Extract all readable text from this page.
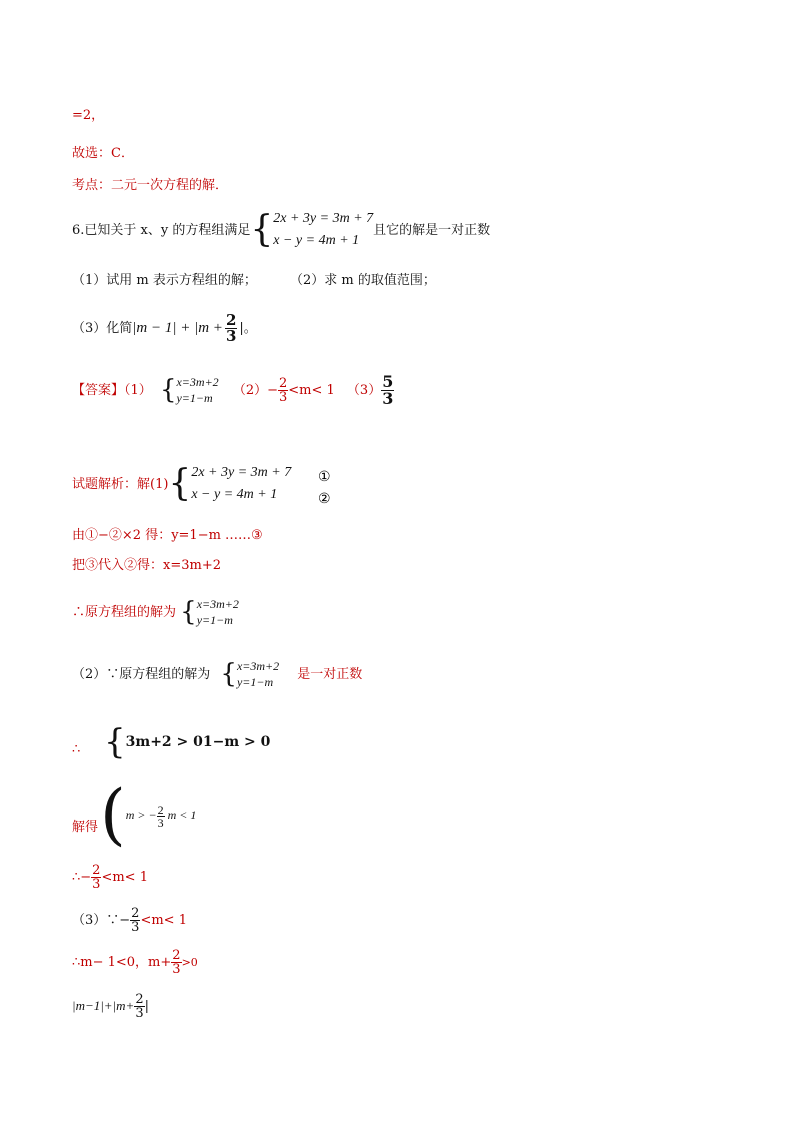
=2，
故选：C．
考点：二元一次方程的解．
6.已知关于 x、y 的方程组满足{ 2x + 3y = 3m + 7
x − y = 4m + 1
且它的解是一对正数
（1）试用 m 表示方程组的解；	（2）求 m 的取值范围；
（3）化简$|m - 1| + |m + \frac{2}{3}$ |。
【答案】（1） { x=3m+2
y=1−m
$(2)- \frac{2}{3} <m< 1$ $(3) \frac{5}{3}$
试题解析：解(1){ 2x + 3y = 3m + 7
x − y = 4m + 1
①
②
由①−②×2 得：y=1−m ……③
把③代入②得：x=3m+2
∴原方程组的解为 { x=3m+2
y=1−m
（2）∵原方程组的解为 { x=3m+2
y=1−m
是一对正数
∴ {3m+2 > 01−m > 0
解得 (m > − $\frac{2}{3}$ m < 1
∴− $\frac{2}{3} <m< 1$
（3）∵− $\frac{2}{3} <m< 1$
∴m− 1<0，$m+ \frac{2}{3} >0$
$|m-1|+|m+ \frac{2}{3}$ |
